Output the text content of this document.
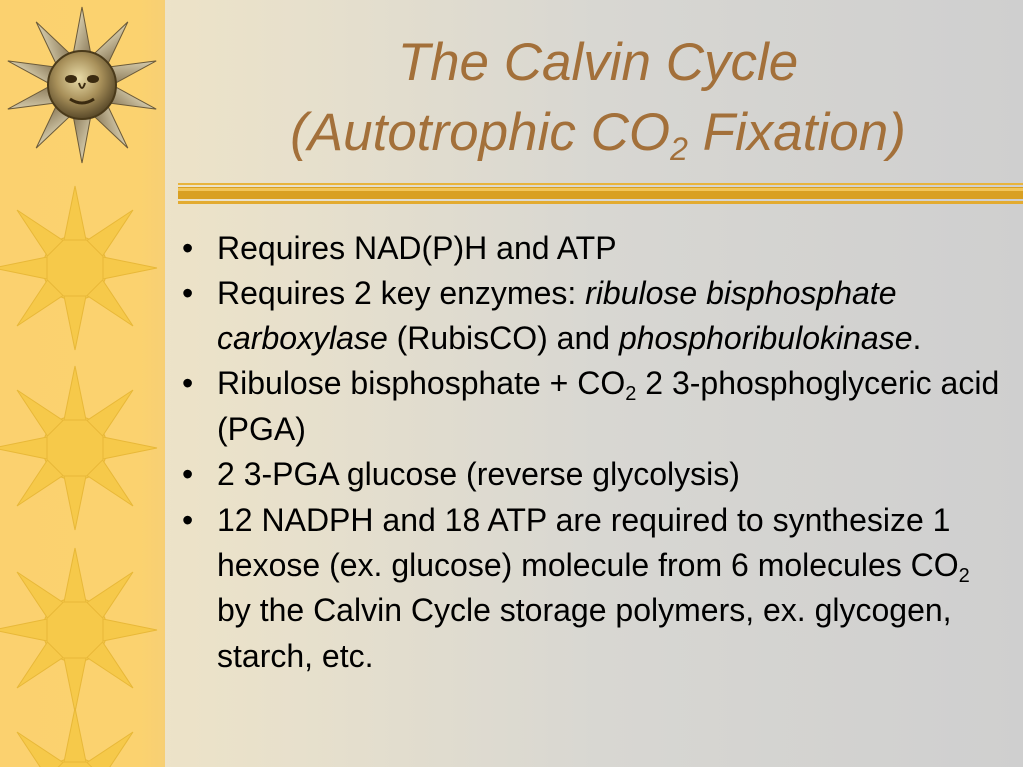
The Calvin Cycle
(Autotrophic $CO_2$ Fixation)
• Requires NAD(P)H and ATP
• Requires 2 key enzymes: ribulose bisphosphate carboxylase (RubisCO) and phosphoribulokinase.
• Ribulose bisphosphate + $CO_2$ 2 3-phosphoglyceric acid (PGA)
• 2 3-PGA glucose (reverse glycolysis)
• 12 NADPH and 18 ATP are required to synthesize 1 hexose (ex. glucose) molecule from 6 molecules $CO_2$ by the Calvin Cycle storage polymers, ex. glycogen, starch, etc.
